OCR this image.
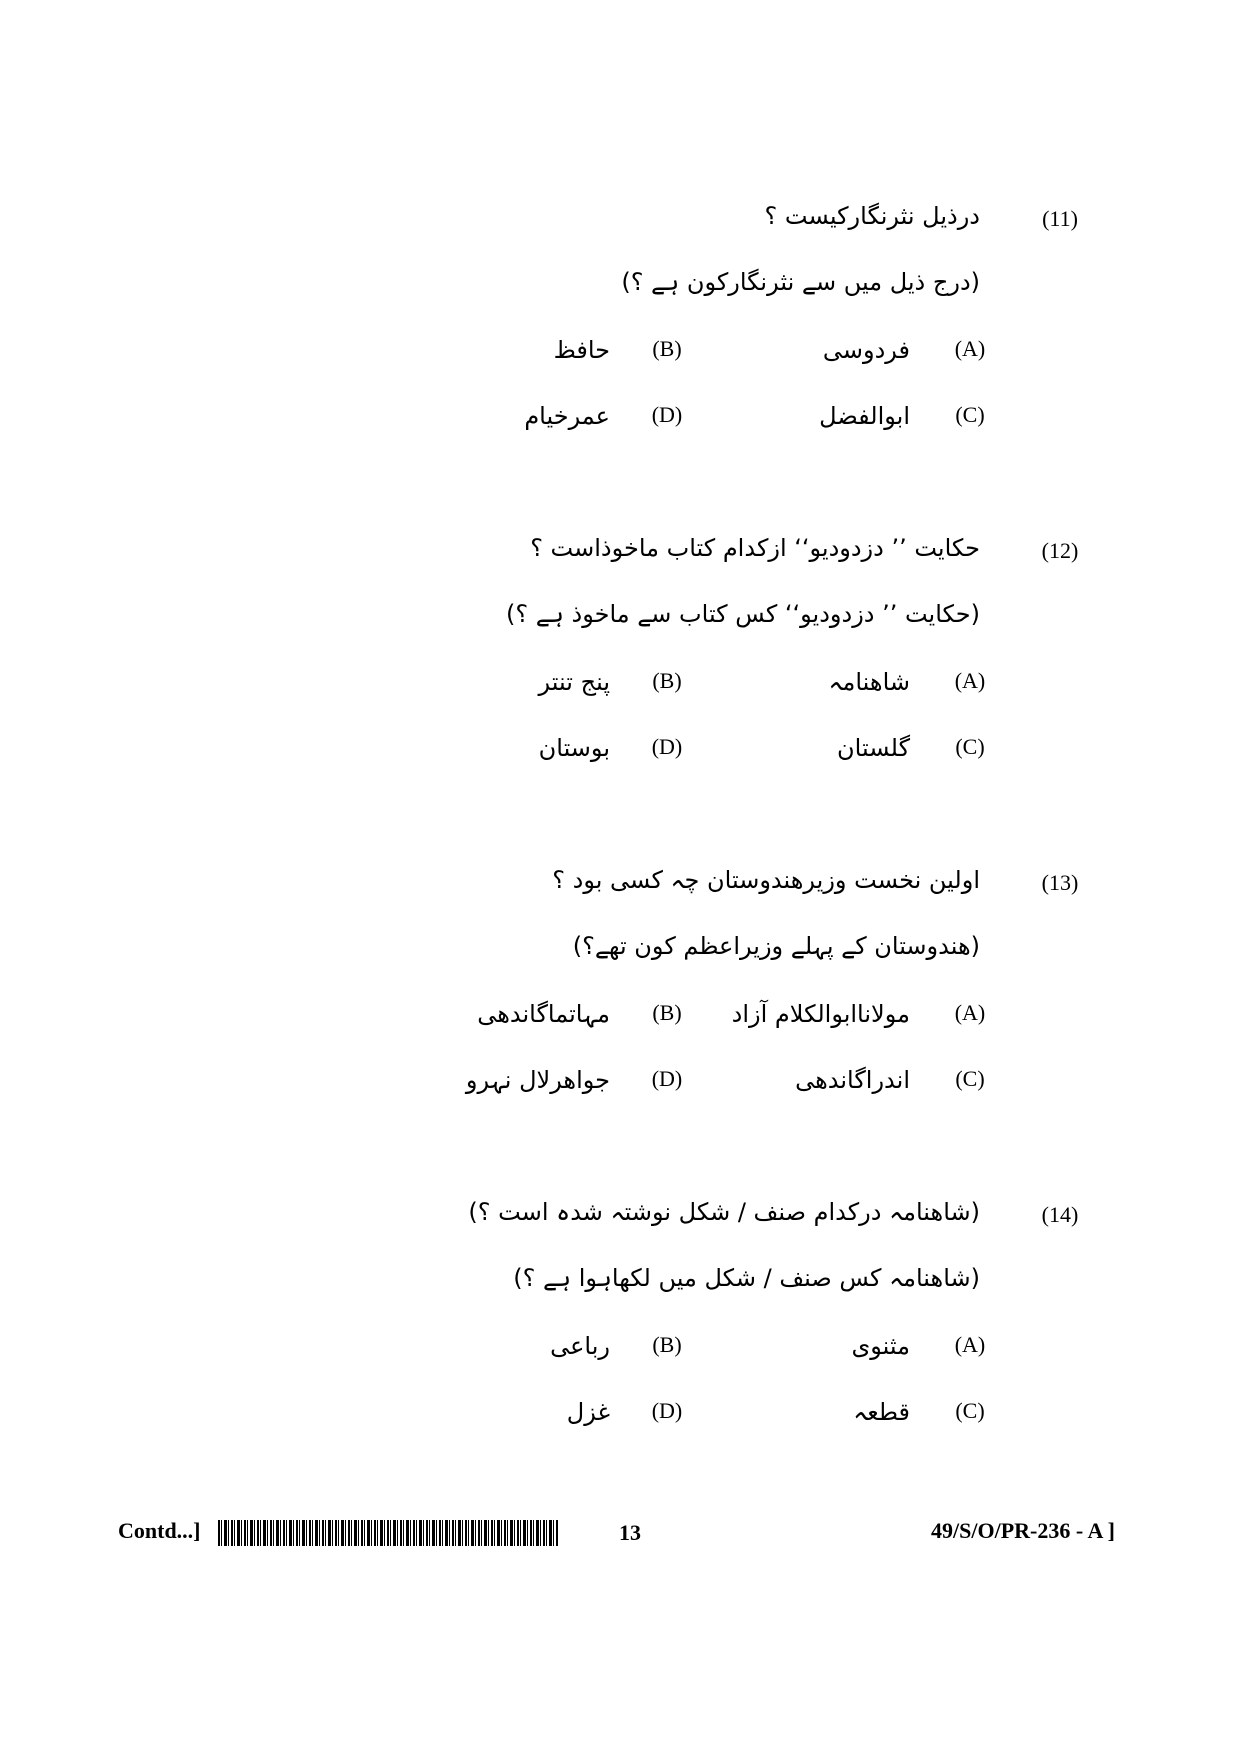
(11)
درذیل نثرنگارکیست ؟
(درج ذیل میں سے نثرنگارکون ہے ؟)
(A)
فردوسی
(B)
حافظ
(C)
ابوالفضل
(D)
عمرخیام
(12)
حکایت ’’ دزدودیو‘‘ ازکدام کتاب ماخوذاست ؟
(حکایت ’’ دزدودیو‘‘ کس کتاب سے ماخوذ ہے ؟)
(A)
شاھنامہ
(B)
پنج تنتر
(C)
گلستان
(D)
بوستان
(13)
اولین نخست وزیرھندوستان چہ کسی بود ؟
(ھندوستان کے پہلے وزیراعظم کون تھے؟)
(A)
مولاناابوالکلام آزاد
(B)
مہاتماگاندھی
(C)
اندراگاندھی
(D)
جواھرلال نہرو
(14)
(شاھنامہ درکدام صنف / شکل نوشتہ شدہ است ؟)
(شاھنامہ کس صنف / شکل میں لکھاہوا ہے ؟)
(A)
مثنوی
(B)
رباعی
(C)
قطعہ
(D)
غزل
Contd...]	13	49/S/O/PR-236 - A ]
